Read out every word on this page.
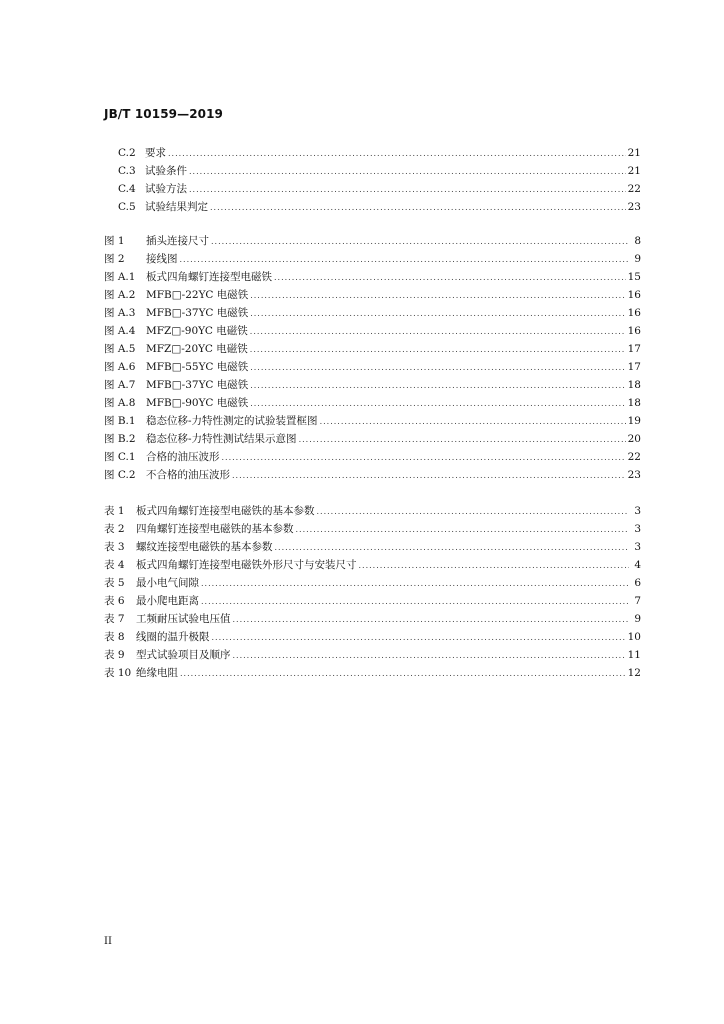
JB/T 10159—2019
C.2 要求 .....	21
C.3 试验条件 .....	21
C.4 试验方法 .....	22
C.5 试验结果判定 .....	23
图 1	插头连接尺寸 .....	8
图 2	接线图 .....	9
图 A.1	板式四角螺钉连接型电磁铁 .....	15
图 A.2	MFB□-22YC 电磁铁 .....	16
图 A.3	MFB□-37YC 电磁铁 .....	16
图 A.4	MFZ□-90YC 电磁铁 .....	16
图 A.5	MFZ□-20YC 电磁铁 .....	17
图 A.6	MFB□-55YC 电磁铁 .....	17
图 A.7	MFB□-37YC 电磁铁 .....	18
图 A.8	MFB□-90YC 电磁铁 .....	18
图 B.1 稳态位移-力特性测定的试验装置框图 .....	19
图 B.2 稳态位移-力特性测试结果示意图 .....	20
图 C.1 合格的油压波形 .....	22
图 C.2 不合格的油压波形 .....	23
表 1	板式四角螺钉连接型电磁铁的基本参数 .....	3
表 2	四角螺钉连接型电磁铁的基本参数 .....	3
表 3	螺纹连接型电磁铁的基本参数 .....	3
表 4	板式四角螺钉连接型电磁铁外形尺寸与安装尺寸 .....	4
表 5	最小电气间隙 .....	6
表 6	最小爬电距离 .....	7
表 7	工频耐压试验电压值 .....	9
表 8	线圈的温升极限 .....	10
表 9	型式试验项目及顺序 .....	11
表 10 绝缘电阻 .....	12
II
